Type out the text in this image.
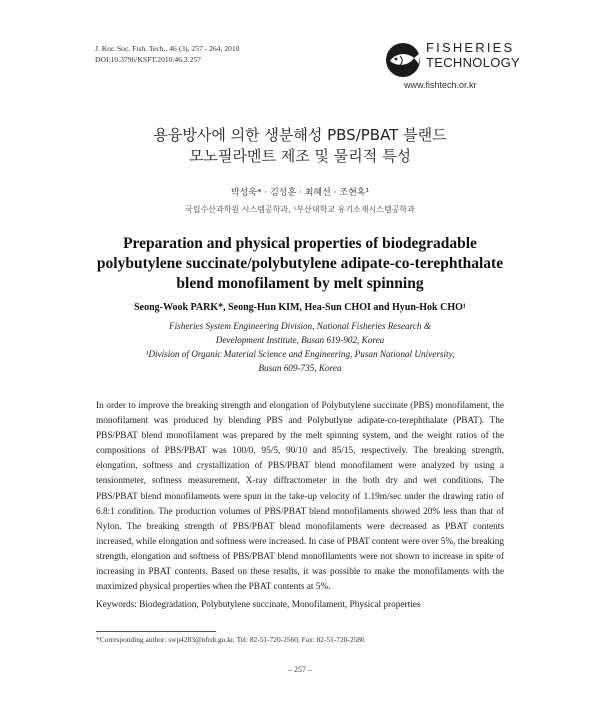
J. Kor. Soc. Fish. Tech., 46 (3), 257 - 264, 2010
DOI:10.3796/KSFT.2010.46.3.257
FISHERIES
TECHNOLOGY
www.fishtech.or.kr
용융방사에 의한 생분해성 PBS/PBAT 블랜드
모노필라멘트 제조 및 물리적 특성
박성욱* · 김성훈 · 최혜선 · 조현혹¹
국립수산과학원 시스템공학과, ¹부산대학교 유기소재시스템공학과
Preparation and physical properties of biodegradable
polybutylene succinate/polybutylene adipate-co-terephthalate
blend monofilament by melt spinning
Seong-Wook PARK*, Seong-Hun KIM, Hea-Sun CHOI and Hyun-Hok CHO¹
Fisheries System Engineering Division, National Fisheries Research &
Development Institute, Busan 619-902, Korea
¹Division of Organic Material Science and Engineering, Pusan National University,
Busan 609-735, Korea
In order to improve the breaking strength and elongation of Polybutylene succinate (PBS) monofilament, the monofilament was produced by blending PBS and Polybutlyne adipate-co-terephthalate (PBAT). The PBS/PBAT blend monofilament was prepared by the melt spinning system, and the weight ratios of the compositions of PBS/PBAT was 100/0, 95/5, 90/10 and 85/15, respectively. The breaking strength, elongation, softness and crystallization of PBS/PBAT blend monofilament were analyzed by using a tensionmeter, softness measurement, X-ray diffractometer in the both dry and wet conditions. The PBS/PBAT blend monofilaments were spun in the take-up velocity of 1.19m/sec under the drawing ratio of 6.8:1 condition. The production volumes of PBS/PBAT blend monofilaments showed 20% less than that of Nylon. The breaking strength of PBS/PBAT blend monofilaments were decreased as PBAT contents increased, while elongation and softness were increased. In case of PBAT content were over 5%, the breaking strength, elongation and softness of PBS/PBAT blend monofilaments were not shown to increase in spite of increasing in PBAT contents. Based on these results, it was possible to make the monofilaments with the maximized physical properties when the PBAT contents at 5%.
Keywords: Biodegradation, Polybutylene succinate, Monofilament, Physical properties
*Corresponding author: swp4283@nfrdi.go.kr, Tel: 82-51-720-2560, Fax: 82-51-720-2586
– 257 –
